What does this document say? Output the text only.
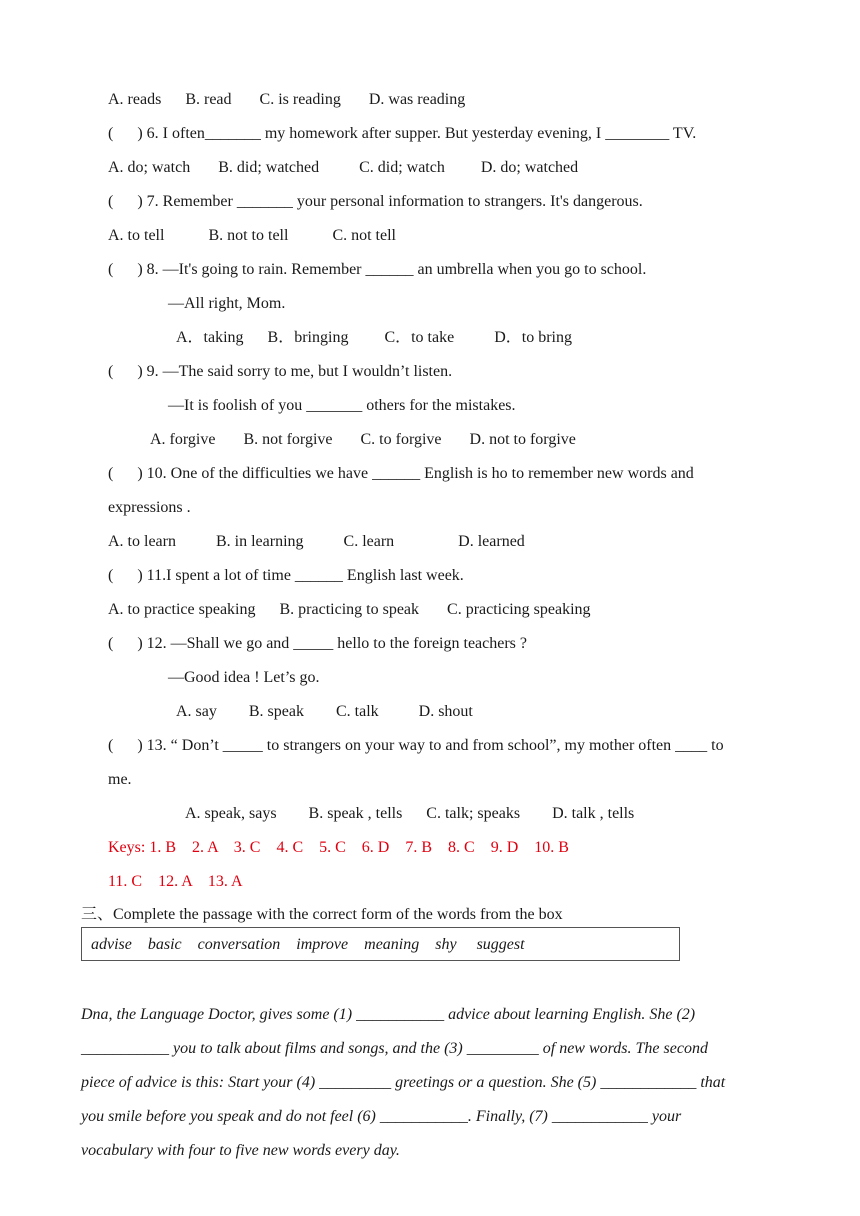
A. reads      B. read       C. is reading       D. was reading
(      ) 6. I often_______ my homework after supper. But yesterday evening, I ________ TV.
A. do; watch       B. did; watched          C. did; watch         D. do; watched
(      ) 7. Remember _______ your personal information to strangers. It's dangerous.
A. to tell           B. not to tell           C. not tell
(      ) 8. —It's going to rain. Remember ______ an umbrella when you go to school.
—All right, Mom.
A．taking      B．bringing         C．to take          D．to bring
(      ) 9. —The said sorry to me, but I wouldn’t listen.
—It is foolish of you _______ others for the mistakes.
A. forgive       B. not forgive       C. to forgive       D. not to forgive
(      ) 10. One of the difficulties we have ______ English is ho to remember new words and
expressions .
A. to learn          B. in learning          C. learn                D. learned
(      ) 11.I spent a lot of time ______ English last week.
A. to practice speaking      B. practicing to speak       C. practicing speaking
(      ) 12. —Shall we go and _____ hello to the foreign teachers ?
—Good idea ! Let’s go.
A. say        B. speak        C. talk          D. shout
(      ) 13. “ Don’t _____ to strangers on your way to and from school”, my mother often ____ to
me.
A. speak, says        B. speak , tells      C. talk; speaks        D. talk , tells
Keys: 1. B    2. A    3. C    4. C    5. C    6. D    7. B    8. C    9. D    10. B
11. C    12. A    13. A
三、Complete the passage with the correct form of the words from the box
advise    basic    conversation    improve    meaning    shy     suggest
Dna, the Language Doctor, gives some (1) ___________ advice about learning English. She (2)
___________ you to talk about films and songs, and the (3) _________ of new words. The second
piece of advice is this: Start your (4) _________ greetings or a question. She (5) ____________ that
you smile before you speak and do not feel (6) ___________. Finally, (7) ____________ your
vocabulary with four to five new words every day.
